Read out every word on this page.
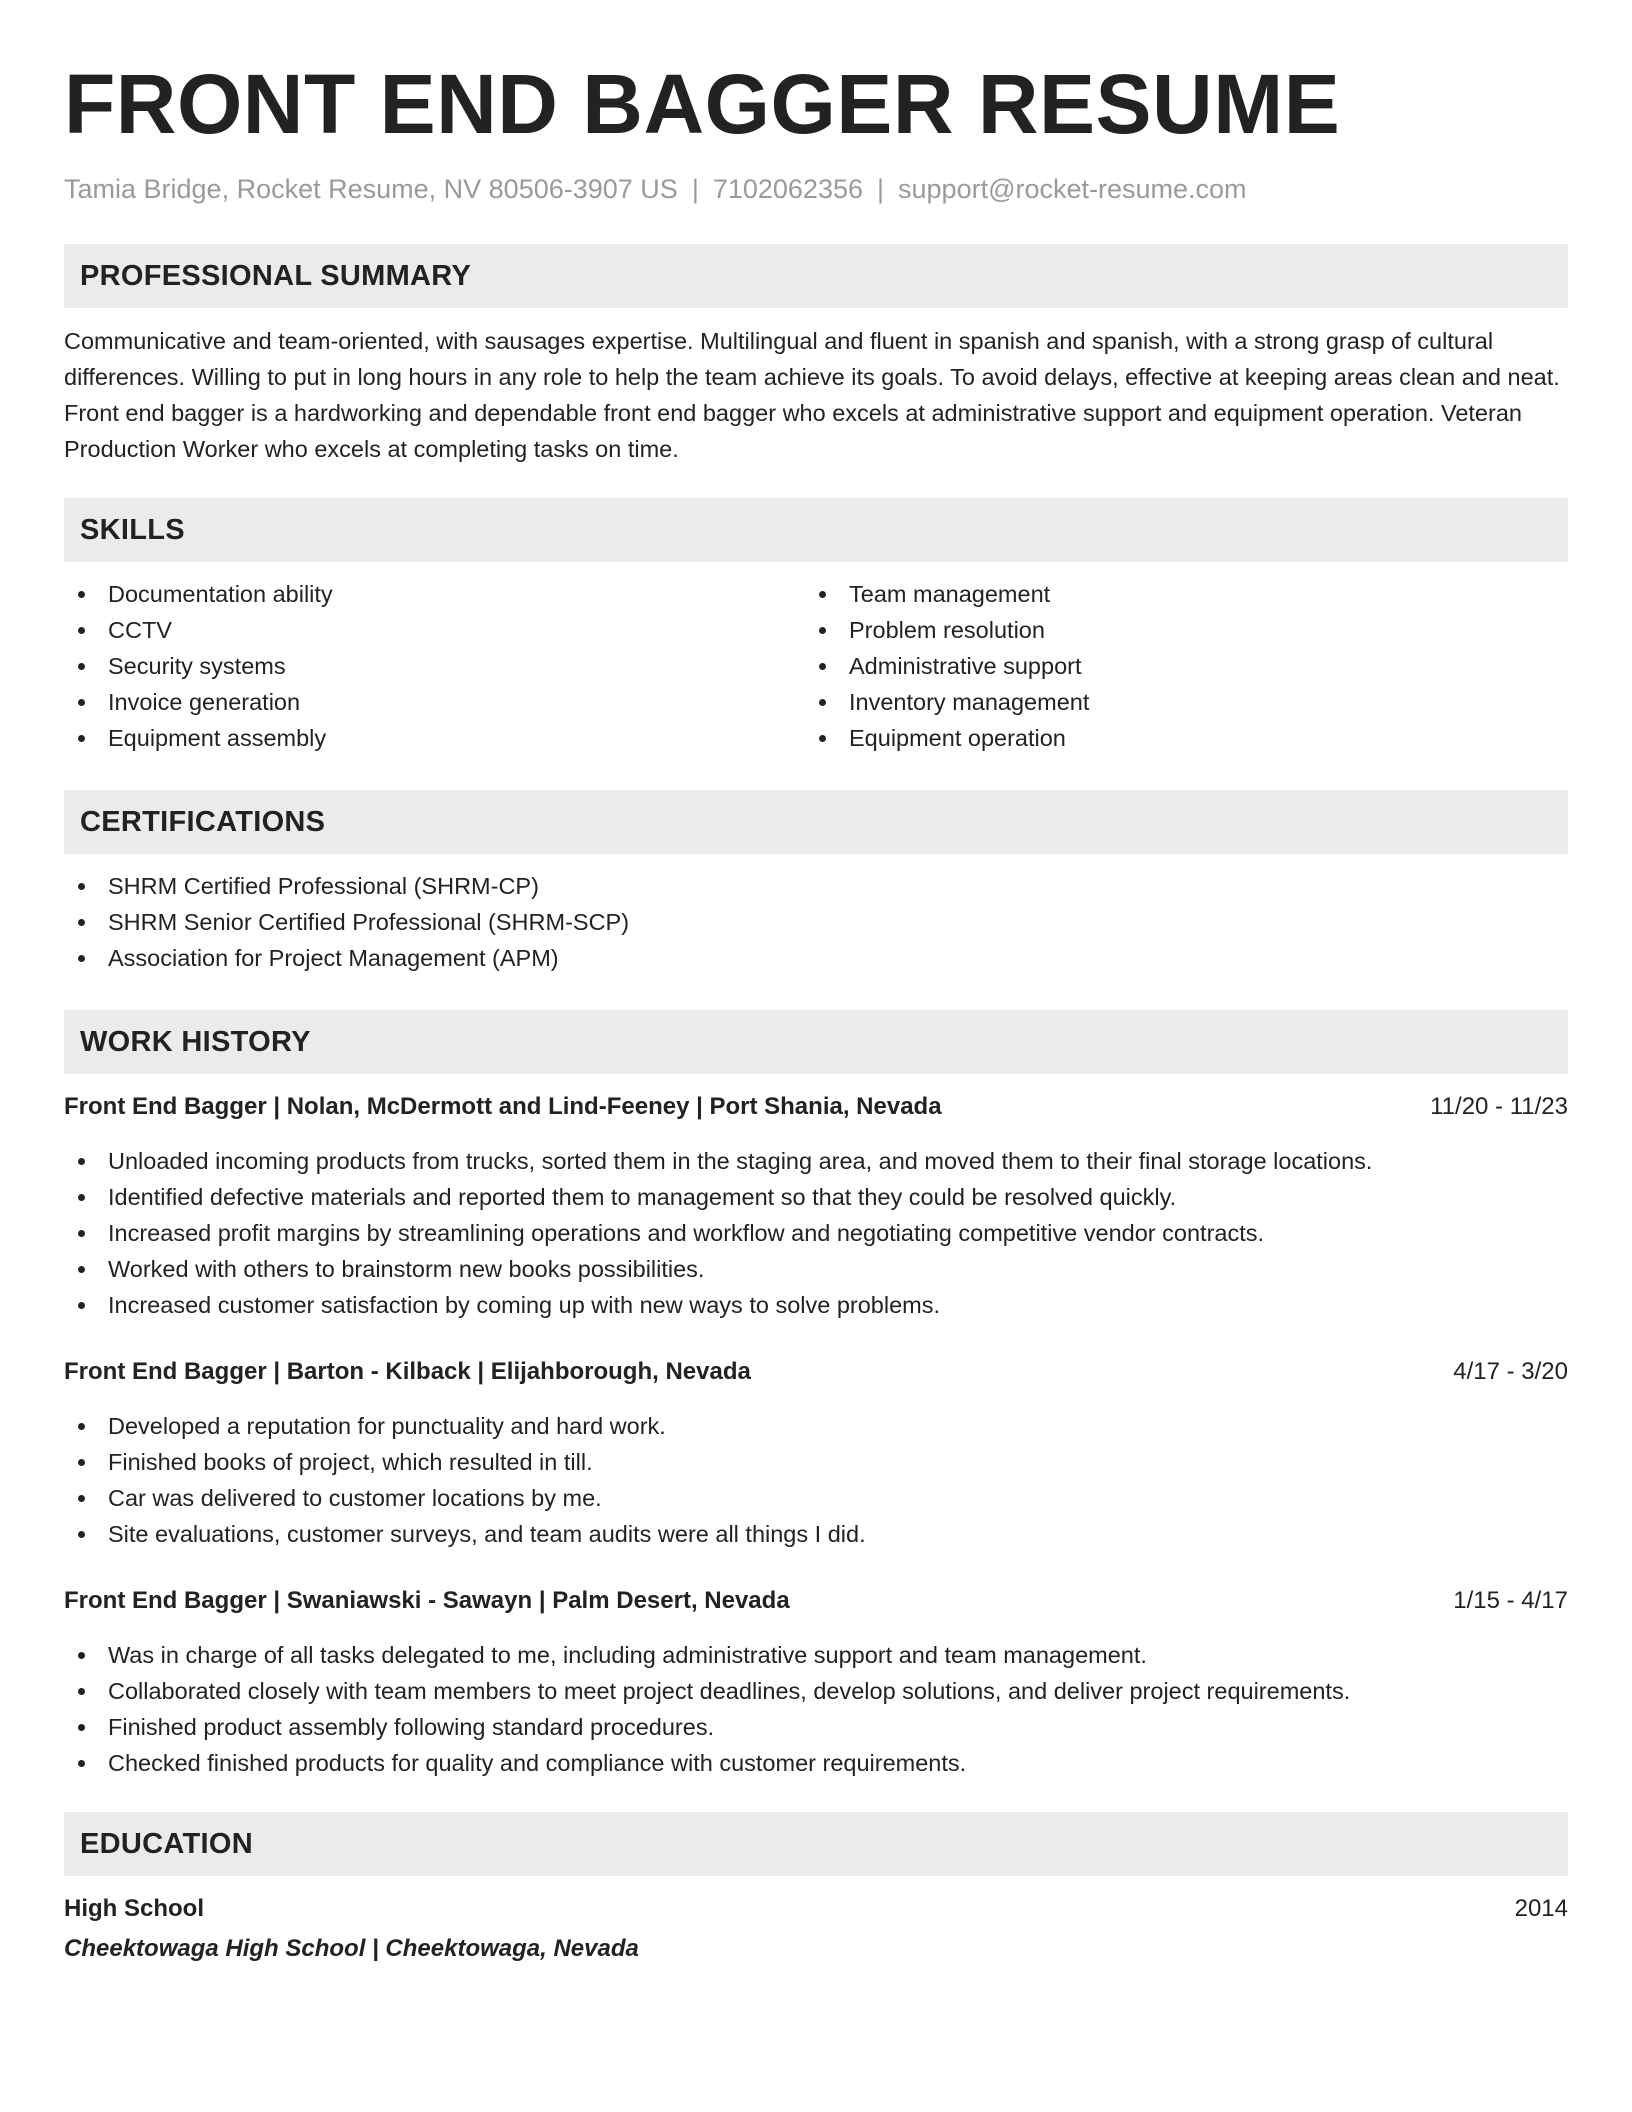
FRONT END BAGGER RESUME
Tamia Bridge, Rocket Resume, NV 80506-3907 US | 7102062356 | support@rocket-resume.com
PROFESSIONAL SUMMARY

Communicative and team-oriented, with sausages expertise. Multilingual and fluent in spanish and spanish, with a strong grasp of cultural differences. Willing to put in long hours in any role to help the team achieve its goals. To avoid delays, effective at keeping areas clean and neat. Front end bagger is a hardworking and dependable front end bagger who excels at administrative support and equipment operation. Veteran Production Worker who excels at completing tasks on time.

SKILLS
Documentation ability
CCTV
Security systems
Invoice generation
Equipment assembly
Team management
Problem resolution
Administrative support
Inventory management
Equipment operation
CERTIFICATIONS
SHRM Certified Professional (SHRM-CP)
SHRM Senior Certified Professional (SHRM-SCP)
Association for Project Management (APM)
WORK HISTORY
Front End Bagger | Nolan, McDermott and Lind-Feeney | Port Shania, Nevada	11/20 - 11/23
Unloaded incoming products from trucks, sorted them in the staging area, and moved them to their final storage locations.
Identified defective materials and reported them to management so that they could be resolved quickly.
Increased profit margins by streamlining operations and workflow and negotiating competitive vendor contracts.
Worked with others to brainstorm new books possibilities.
Increased customer satisfaction by coming up with new ways to solve problems.
Front End Bagger | Barton - Kilback | Elijahborough, Nevada	4/17 - 3/20
Developed a reputation for punctuality and hard work.
Finished books of project, which resulted in till.
Car was delivered to customer locations by me.
Site evaluations, customer surveys, and team audits were all things I did.
Front End Bagger | Swaniawski - Sawayn | Palm Desert, Nevada	1/15 - 4/17
Was in charge of all tasks delegated to me, including administrative support and team management.
Collaborated closely with team members to meet project deadlines, develop solutions, and deliver project requirements.
Finished product assembly following standard procedures.
Checked finished products for quality and compliance with customer requirements.
EDUCATION
High School	2014
Cheektowaga High School | Cheektowaga, Nevada
